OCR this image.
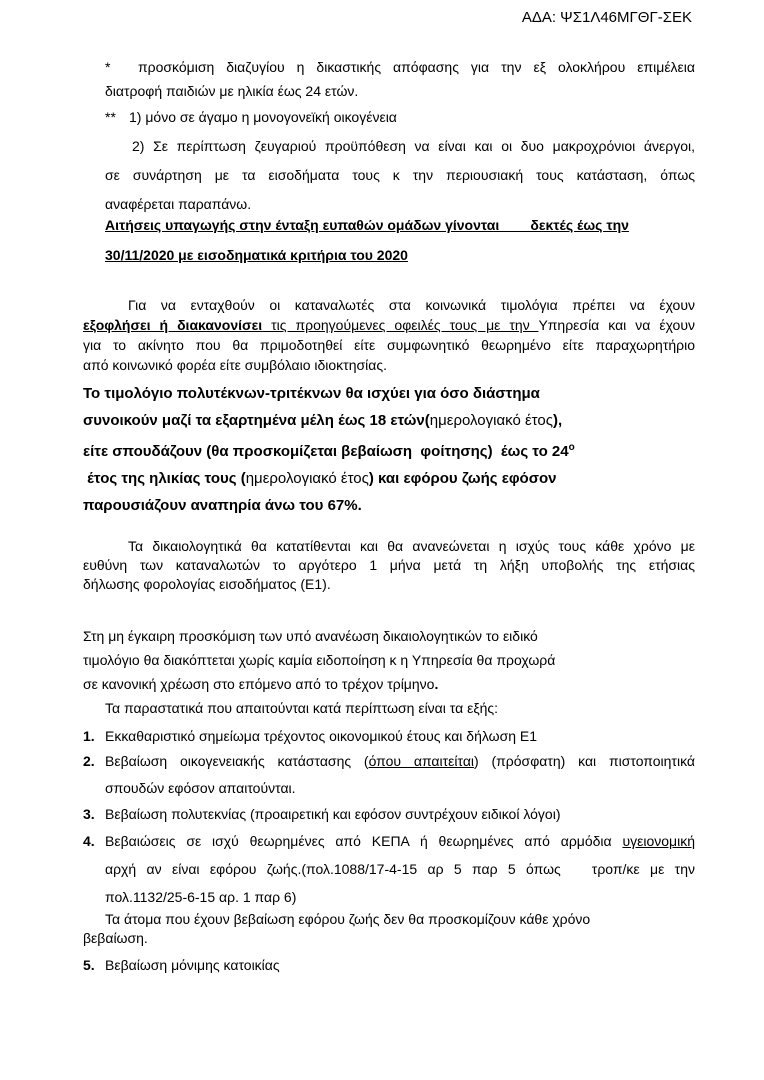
ΑΔΑ: ΨΣ1Λ46ΜΓΘΓ-ΣΕΚ
*	προσκόμιση διαζυγίου η δικαστικής απόφασης για την εξ ολοκλήρου επιμέλεια
διατροφή παιδιών με ηλικία έως 24 ετών.
** 1) μόνο σε άγαμο η μονογονεϊκή οικογένεια
2) Σε περίπτωση ζευγαριού προϋπόθεση να είναι και οι δυο μακροχρόνιοι άνεργοι,
σε συνάρτηση με τα εισοδήματα τους κ την περιουσιακή τους κατάσταση, όπως
αναφέρεται παραπάνω.
Αιτήσεις υπαγωγής στην ένταξη ευπαθών ομάδων γίνονται        δεκτές έως την
30/11/2020 με εισοδηματικά κριτήρια του 2020
Για να ενταχθούν οι καταναλωτές στα κοινωνικά τιμολόγια πρέπει να έχουν
εξοφλήσει ή διακανονίσει τις προηγούμενες οφειλές τους με την Υπηρεσία και να έχουν
για το ακίνητο που θα πριμοδοτηθεί είτε συμφωνητικό θεωρημένο είτε παραχωρητήριο
από κοινωνικό φορέα είτε συμβόλαιο ιδιοκτησίας.
Το τιμολόγιο πολυτέκνων-τριτέκνων θα ισχύει για όσο διάστημα
συνοικούν μαζί τα εξαρτημένα μέλη έως 18 ετών(ημερολογιακό έτος),
είτε σπουδάζουν (θα προσκομίζεται βεβαίωση  φοίτησης)  έως το $24^o$
έτος της ηλικίας τους (ημερολογιακό έτος) και εφόρου ζωής εφόσον
παρουσιάζουν αναπηρία άνω του 67%.
Τα δικαιολογητικά θα κατατίθενται και θα ανανεώνεται η ισχύς τους κάθε χρόνο με
ευθύνη των καταναλωτών το αργότερο 1 μήνα μετά τη λήξη υποβολής της ετήσιας
δήλωσης φορολογίας εισοδήματος (Ε1).
Στη μη έγκαιρη προσκόμιση των υπό ανανέωση δικαιολογητικών το ειδικό
τιμολόγιο θα διακόπτεται χωρίς καμία ειδοποίηση κ η Υπηρεσία θα προχωρά
σε κανονική χρέωση στο επόμενο από το τρέχον τρίμηνο.
Τα παραστατικά που απαιτούνται κατά περίπτωση είναι τα εξής:
1. Εκκαθαριστικό σημείωμα τρέχοντος οικονομικού έτους και δήλωση Ε1
2. Βεβαίωση οικογενειακής κατάστασης (όπου απαιτείται) (πρόσφατη) και πιστοποιητικά
σπουδών εφόσον απαιτούνται.
3. Βεβαίωση πολυτεκνίας (προαιρετική και εφόσον συντρέχουν ειδικοί λόγοι)
4. Βεβαιώσεις σε ισχύ θεωρημένες από ΚΕΠΑ ή θεωρημένες από αρμόδια υγειονομική
αρχή αν είναι εφόρου ζωής.(πολ.1088/17-4-15 αρ 5 παρ 5 όπως   τροπ/κε με την
πολ.1132/25-6-15 αρ. 1 παρ 6)
Τα άτομα που έχουν βεβαίωση εφόρου ζωής δεν θα προσκομίζουν κάθε χρόνο
βεβαίωση.
5. Βεβαίωση μόνιμης κατοικίας
